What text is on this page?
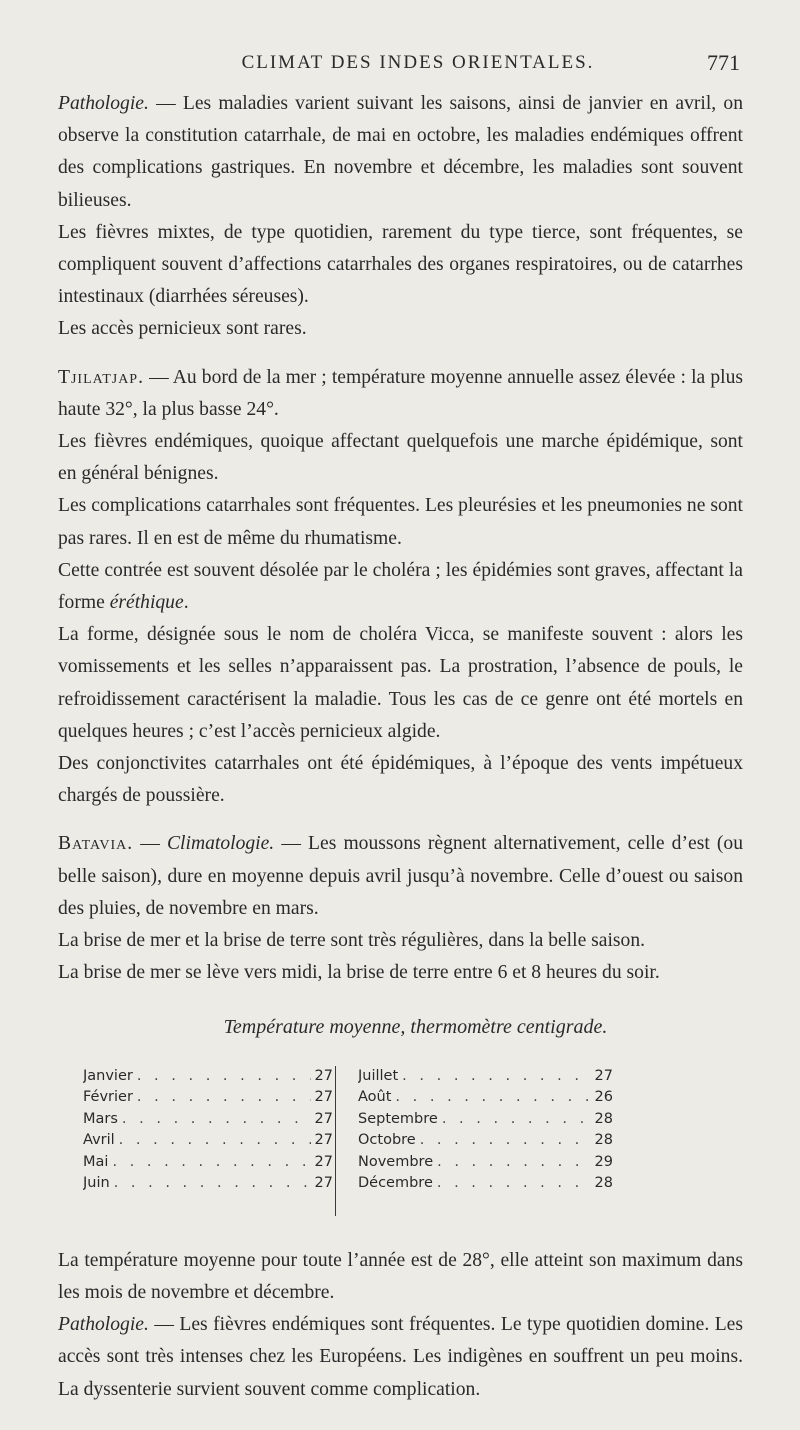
CLIMAT DES INDES ORIENTALES.	771

Pathologie. — Les maladies varient suivant les saisons, ainsi de janvier en avril, on observe la constitution catarrhale, de mai en octobre, les maladies endémiques offrent des complications gastriques. En novembre et décembre, les maladies sont souvent bilieuses.

Les fièvres mixtes, de type quotidien, rarement du type tierce, sont fréquentes, se compliquent souvent d’affections catarrhales des organes respiratoires, ou de catarrhes intestinaux (diarrhées séreuses).

Les accès pernicieux sont rares.

Tjilatjap. — Au bord de la mer ; température moyenne annuelle assez élevée : la plus haute 32°, la plus basse 24°.

Les fièvres endémiques, quoique affectant quelquefois une marche épidémique, sont en général bénignes.

Les complications catarrhales sont fréquentes. Les pleurésies et les pneumonies ne sont pas rares. Il en est de même du rhumatisme.

Cette contrée est souvent désolée par le choléra ; les épidémies sont graves, affectant la forme éréthique.

La forme, désignée sous le nom de choléra Vicca, se manifeste souvent : alors les vomissements et les selles n’apparaissent pas. La prostration, l’absence de pouls, le refroidissement caractérisent la maladie. Tous les cas de ce genre ont été mortels en quelques heures ; c’est l’accès pernicieux algide.

Des conjonctivites catarrhales ont été épidémiques, à l’époque des vents impétueux chargés de poussière.

Batavia. — Climatologie. — Les moussons règnent alternativement, celle d’est (ou belle saison), dure en moyenne depuis avril jusqu’à novembre. Celle d’ouest ou saison des pluies, de novembre en mars.

La brise de mer et la brise de terre sont très régulières, dans la belle saison.

La brise de mer se lève vers midi, la brise de terre entre 6 et 8 heures du soir.

Température moyenne, thermomètre centigrade.
Janvier . . .	27
Février . . .	27
Mars . . .	27
Avril . . .	27
Mai . . .	27
Juin . . .	27
Juillet . . .	27
Août . . .	26
Septembre . . .	28
Octobre . . .	28
Novembre . . .	29
Décembre . . .	28

La température moyenne pour toute l’année est de 28°, elle atteint son maximum dans les mois de novembre et décembre.

Pathologie. — Les fièvres endémiques sont fréquentes. Le type quotidien domine. Les accès sont très intenses chez les Européens. Les indigènes en souffrent un peu moins. La dyssenterie survient souvent comme complication.
